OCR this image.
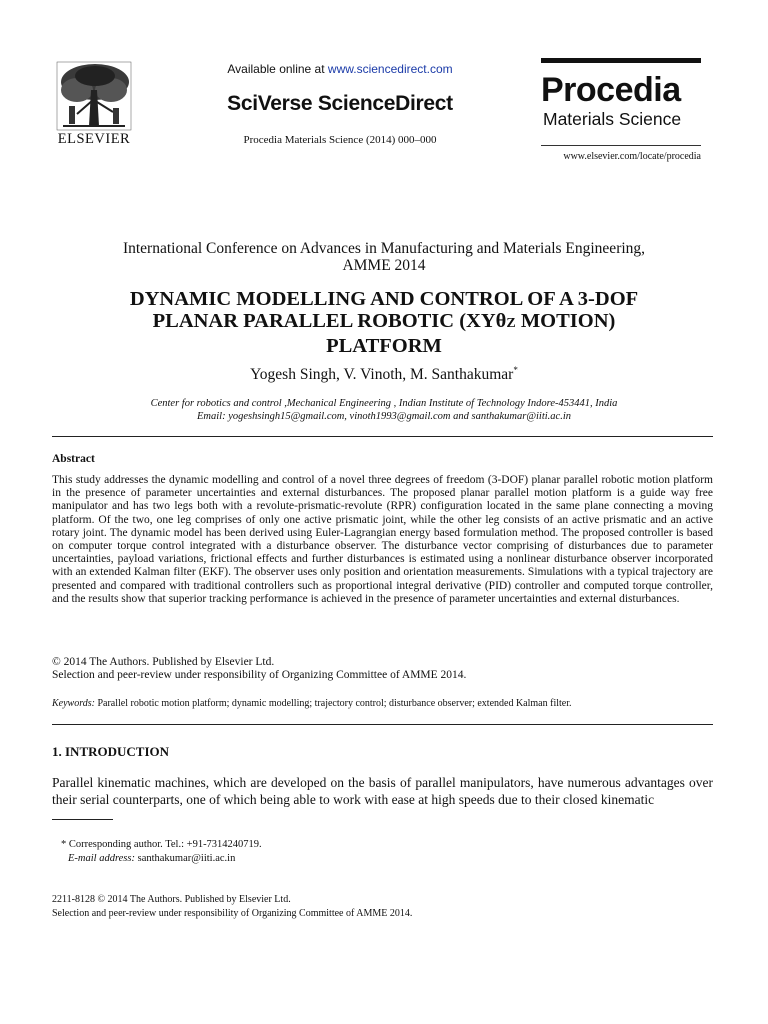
ELSEVIER
Available online at www.sciencedirect.com
SciVerse ScienceDirect
Procedia Materials Science (2014) 000–000
Procedia
Materials Science
www.elsevier.com/locate/procedia
International Conference on Advances in Manufacturing and Materials Engineering,
AMME 2014
DYNAMIC MODELLING AND CONTROL OF A 3-DOF
PLANAR PARALLEL ROBOTIC (XYθZ MOTION)
PLATFORM
Yogesh Singh, V. Vinoth, M. Santhakumar*
Center for robotics and control ,Mechanical Engineering , Indian Institute of Technology Indore-453441, India
Email: yogeshsingh15@gmail.com, vinoth1993@gmail.com and santhakumar@iiti.ac.in
Abstract
This study addresses the dynamic modelling and control of a novel three degrees of freedom (3-DOF) planar parallel robotic motion platform in the presence of parameter uncertainties and external disturbances. The proposed planar parallel motion platform is a guide way free manipulator and has two legs both with a revolute-prismatic-revolute (RPR) configuration located in the same plane connecting a moving platform. Of the two, one leg comprises of only one active prismatic joint, while the other leg consists of an active prismatic and an active rotary joint. The dynamic model has been derived using Euler-Lagrangian energy based formulation method. The proposed controller is based on computer torque control integrated with a disturbance observer. The disturbance vector comprising of disturbances due to parameter uncertainties, payload variations, frictional effects and further disturbances is estimated using a nonlinear disturbance observer incorporated with an extended Kalman filter (EKF). The observer uses only position and orientation measurements. Simulations with a typical trajectory are presented and compared with traditional controllers such as proportional integral derivative (PID) controller and computed torque controller, and the results show that superior tracking performance is achieved in the presence of parameter uncertainties and external disturbances.
© 2014 The Authors. Published by Elsevier Ltd.
Selection and peer-review under responsibility of Organizing Committee of AMME 2014.
Keywords: Parallel robotic motion platform; dynamic modelling; trajectory control; disturbance observer; extended Kalman filter.
1. INTRODUCTION
Parallel kinematic machines, which are developed on the basis of parallel manipulators, have numerous advantages over their serial counterparts, one of which being able to work with ease at high speeds due to their closed kinematic
* Corresponding author. Tel.: +91-7314240719.
E-mail address: santhakumar@iiti.ac.in
2211-8128 © 2014 The Authors. Published by Elsevier Ltd.
Selection and peer-review under responsibility of Organizing Committee of AMME 2014.
